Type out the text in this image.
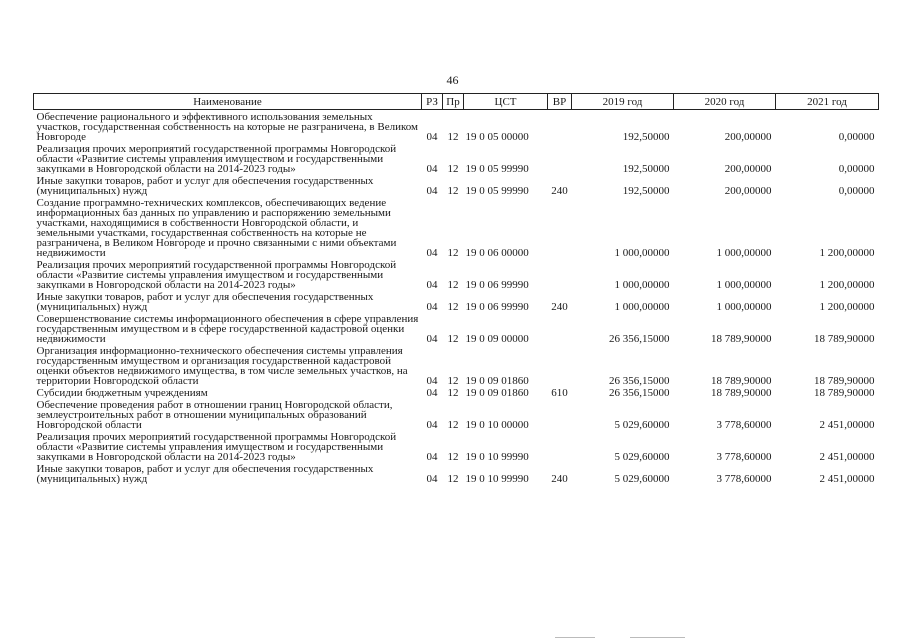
46
Наименование	РЗ	Пр	ЦСТ	ВР	2019 год	2020 год	2021 год
Обеспечение рационального и эффективного использования земельных участков, государственная собственность на которые не разграничена, в Великом Новгороде	04	12	19 0 05 00000		192,50000	200,00000	0,00000
Реализация прочих мероприятий государственной программы Новгородской области «Развитие системы управления имуществом и государственными закупками в Новгородской области на 2014-2023 годы»	04	12	19 0 05 99990		192,50000	200,00000	0,00000
Иные закупки товаров, работ и услуг для обеспечения государственных (муниципальных) нужд	04	12	19 0 05 99990	240	192,50000	200,00000	0,00000
Создание программно-технических комплексов, обеспечивающих ведение информационных баз данных по управлению и распоряжению земельными участками, находящимися в собственности Новгородской области, и земельными участками, государственная собственность на которые не разграничена, в Великом Новгороде и прочно связанными с ними объектами недвижимости	04	12	19 0 06 00000		1 000,00000	1 000,00000	1 200,00000
Реализация прочих мероприятий государственной программы Новгородской области «Развитие системы управления имуществом и государственными закупками в Новгородской области на 2014-2023 годы»	04	12	19 0 06 99990		1 000,00000	1 000,00000	1 200,00000
Иные закупки товаров, работ и услуг для обеспечения государственных (муниципальных) нужд	04	12	19 0 06 99990	240	1 000,00000	1 000,00000	1 200,00000
Совершенствование системы информационного обеспечения в сфере управления государственным имуществом и в сфере государственной кадастровой оценки недвижимости	04	12	19 0 09 00000		26 356,15000	18 789,90000	18 789,90000
Организация информационно-технического обеспечения системы управления государственным имуществом и организация государственной кадастровой оценки объектов недвижимого имущества, в том числе земельных участков, на территории Новгородской области	04	12	19 0 09 01860		26 356,15000	18 789,90000	18 789,90000
Субсидии бюджетным учреждениям	04	12	19 0 09 01860	610	26 356,15000	18 789,90000	18 789,90000
Обеспечение проведения работ в отношении границ Новгородской области, землеустроительных работ в отношении муниципальных образований Новгородской области	04	12	19 0 10 00000		5 029,60000	3 778,60000	2 451,00000
Реализация прочих мероприятий государственной программы Новгородской области «Развитие системы управления имуществом и государственными закупками в Новгородской области на 2014-2023 годы»	04	12	19 0 10 99990		5 029,60000	3 778,60000	2 451,00000
Иные закупки товаров, работ и услуг для обеспечения государственных (муниципальных) нужд	04	12	19 0 10 99990	240	5 029,60000	3 778,60000	2 451,00000
